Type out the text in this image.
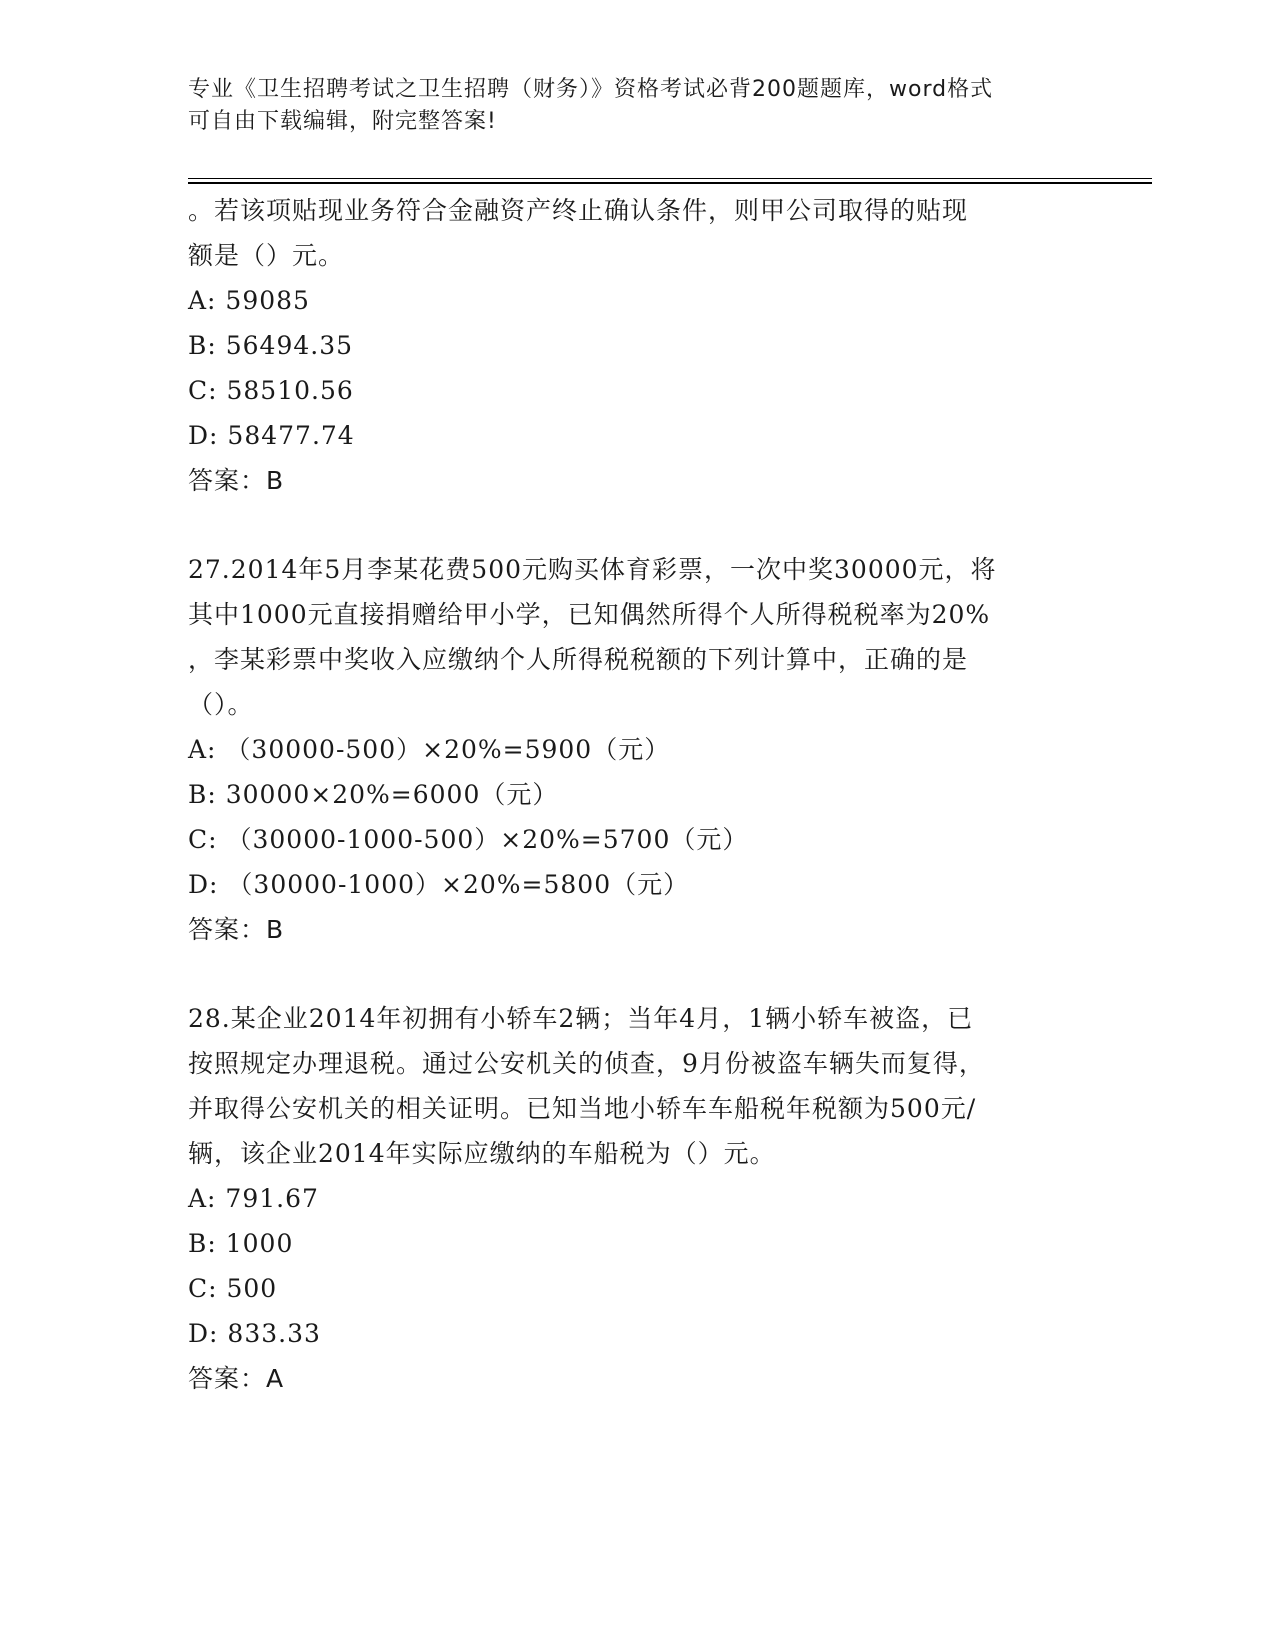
专业《卫生招聘考试之卫生招聘（财务）》资格考试必背200题题库，word格式
可自由下载编辑，附完整答案!
。若该项贴现业务符合金融资产终止确认条件，则甲公司取得的贴现
额是（）元。
A: 59085
B: 56494.35
C: 58510.56
D: 58477.74
答案：B
27.2014年5月李某花费500元购买体育彩票，一次中奖30000元，将
其中1000元直接捐赠给甲小学，已知偶然所得个人所得税税率为20%
，李某彩票中奖收入应缴纳个人所得税税额的下列计算中，正确的是
（）。
A: （30000-500）×20%=5900（元）
B: 30000×20%=6000（元）
C: （30000-1000-500）×20%=5700（元）
D: （30000-1000）×20%=5800（元）
答案：B
28.某企业2014年初拥有小轿车2辆；当年4月，1辆小轿车被盗，已
按照规定办理退税。通过公安机关的侦查，9月份被盗车辆失而复得，
并取得公安机关的相关证明。已知当地小轿车车船税年税额为500元/
辆，该企业2014年实际应缴纳的车船税为（）元。
A: 791.67
B: 1000
C: 500
D: 833.33
答案：A
